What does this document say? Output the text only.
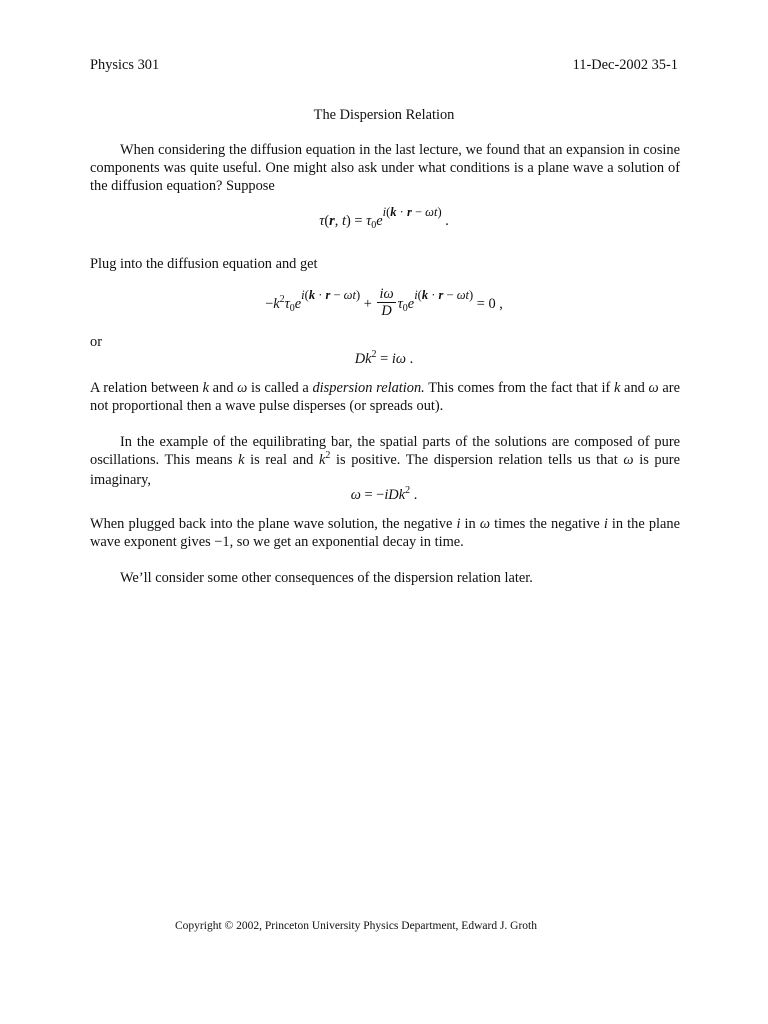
Physics 301	11-Dec-2002 35-1
The Dispersion Relation
When considering the diffusion equation in the last lecture, we found that an expansion in cosine components was quite useful. One might also ask under what conditions is a plane wave a solution of the diffusion equation? Suppose
τ(r, $t) = \tau_0ei(k \cdot r - \omega t)$ .
Plug into the diffusion equation and get
$-k^2\tau_0ei(k \cdot r - \omega t) + \frac{i\omega}{D} \tau_0ei(k \cdot r - \omega t) = 0$ ,
or
$Dk^2 = i\omega$ .
A relation between k and ω is called a dispersion relation. This comes from the fact that if k and ω are not proportional then a wave pulse disperses (or spreads out).
In the example of the equilibrating bar, the spatial parts of the solutions are composed of pure oscillations. This means k is real and $k^2$ is positive. The dispersion relation tells us that ω is pure imaginary,
ω = −iDk$^2$ .
When plugged back into the plane wave solution, the negative i in ω times the negative i in the plane wave exponent gives −1, so we get an exponential decay in time.
We’ll consider some other consequences of the dispersion relation later.
Copyright © 2002, Princeton University Physics Department, Edward J. Groth
